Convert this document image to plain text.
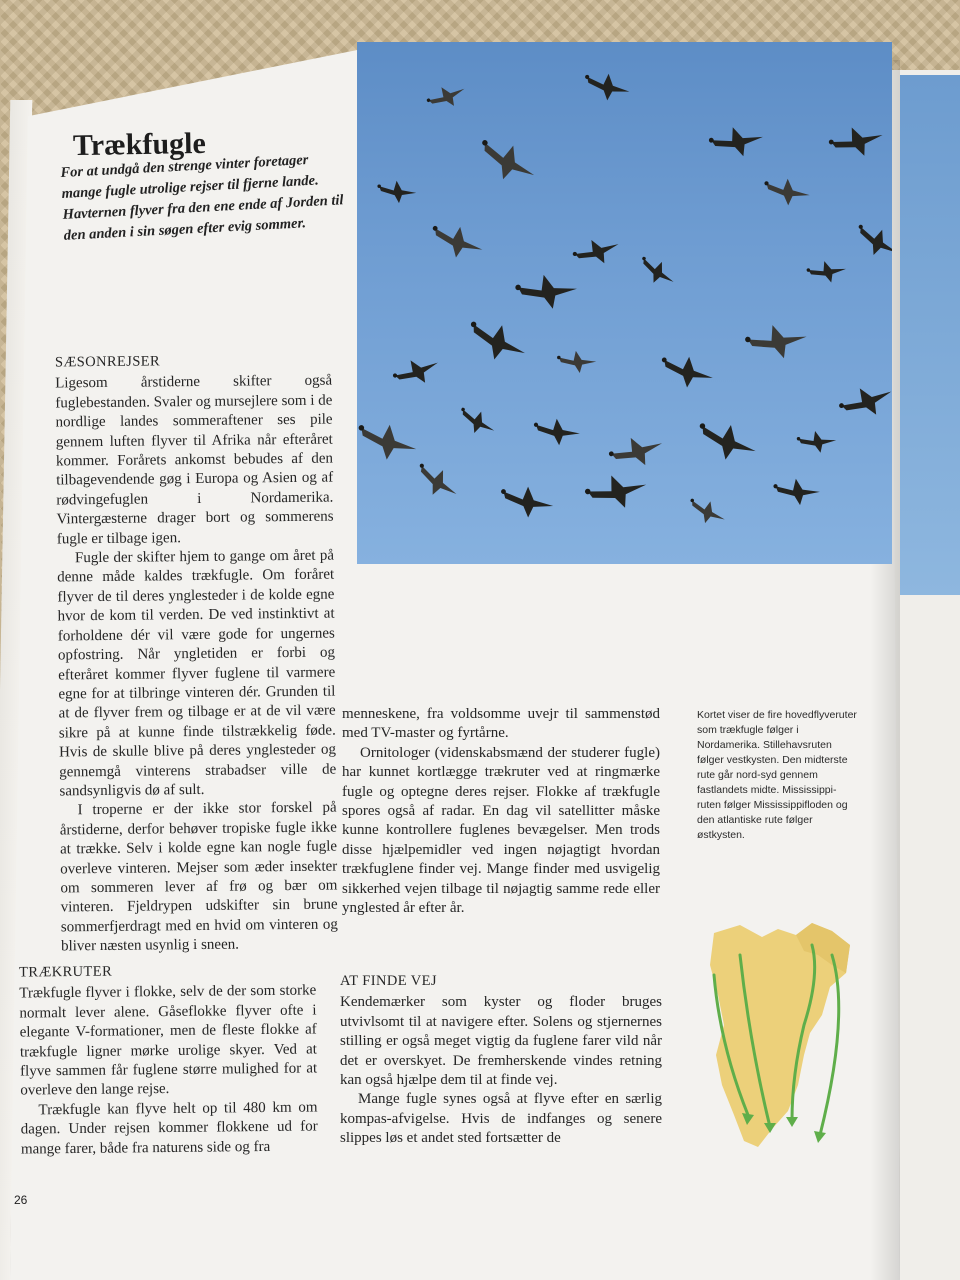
Trækfugle
For at undgå den strenge vinter foretager mange fugle utrolige rejser til fjerne lande. Havternen flyver fra den ene ende af Jorden til den anden i sin søgen efter evig sommer.
SÆSONREJSER

Ligesom årstiderne skifter også fuglebestanden. Svaler og mursejlere som i de nordlige landes sommeraftener ses pile gennem luften flyver til Afrika når efteråret kommer. Forårets ankomst bebudes af den tilbagevendende gøg i Europa og Asien og af rødvingefuglen i Nordamerika. Vintergæsterne drager bort og sommerens fugle er tilbage igen.

Fugle der skifter hjem to gange om året på denne måde kaldes trækfugle. Om foråret flyver de til deres ynglesteder i de kolde egne hvor de kom til verden. De ved instinktivt at forholdene dér vil være gode for ungernes opfostring. Når yngletiden er forbi og efteråret kommer flyver fuglene til varmere egne for at tilbringe vinteren dér. Grunden til at de flyver frem og tilbage er at de vil være sikre på at kunne finde tilstrækkelig føde. Hvis de skulle blive på deres ynglesteder og gennemgå vinterens strabadser ville de sandsynligvis dø af sult.

I troperne er der ikke stor forskel på årstiderne, derfor behøver tropiske fugle ikke at trække. Selv i kolde egne kan nogle fugle overleve vinteren. Mejser som æder insekter om sommeren lever af frø og bær om vinteren. Fjeldrypen udskifter sin brune sommerfjerdragt med en hvid om vinteren og bliver næsten usynlig i sneen.

TRÆKRUTER

Trækfugle flyver i flokke, selv de der som storke normalt lever alene. Gåseflokke flyver ofte i elegante V-formationer, men de fleste flokke af trækfugle ligner mørke urolige skyer. Ved at flyve sammen får fuglene større mulighed for at overleve den lange rejse.

Trækfugle kan flyve helt op til 480 km om dagen. Under rejsen kommer flokkene ud for mange farer, både fra naturens side og fra

menneskene, fra voldsomme uvejr til sammenstød med TV-master og fyrtårne.

Ornitologer (videnskabsmænd der studerer fugle) har kunnet kortlægge trækruter ved at ringmærke fugle og optegne deres rejser. Flokke af trækfugle spores også af radar. En dag vil satellitter måske kunne kontrollere fuglenes bevægelser. Men trods disse hjælpemidler ved ingen nøjagtigt hvordan trækfuglene finder vej. Mange finder med usvigelig sikkerhed vejen tilbage til nøjagtig samme rede eller ynglested år efter år.

AT FINDE VEJ

Kendemærker som kyster og floder bruges utvivlsomt til at navigere efter. Solens og stjernernes stilling er også meget vigtig da fuglene farer vild når det er overskyet. De fremherskende vindes retning kan også hjælpe dem til at finde vej.

Mange fugle synes også at flyve efter en særlig kompas-afvigelse. Hvis de indfanges og senere slippes løs et andet sted fortsætter de

Kortet viser de fire hovedflyveruter som trækfugle følger i Nordamerika. Stillehavsruten følger vestkysten. Den midterste rute går nord-syd gennem fastlandets midte. Mississippi-ruten følger Mississippifloden og den atlantiske rute følger østkysten.
26
